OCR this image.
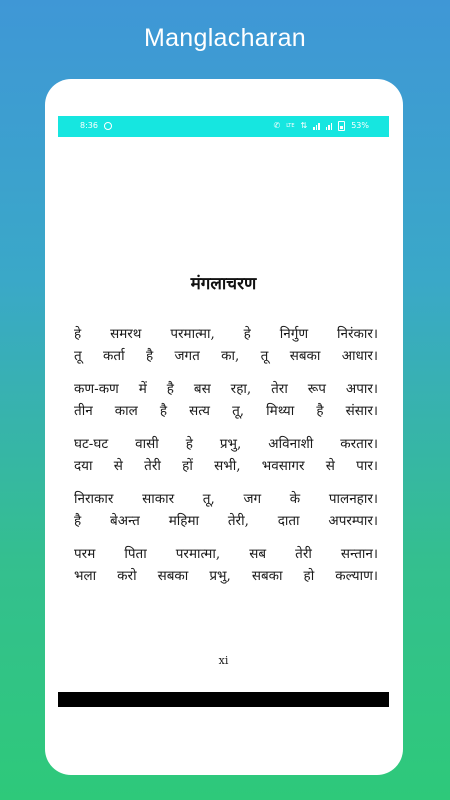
Manglacharan
8:36	✆ LTE ⇅	53%
मंगलाचरण
हे समरथ परमात्मा, हे निर्गुण निरंकार।
तू कर्ता है जगत का, तू सबका आधार।
कण-कण में है बस रहा, तेरा रूप अपार।
तीन काल है सत्य तू, मिथ्या है संसार।
घट-घट वासी हे प्रभु, अविनाशी करतार।
दया से तेरी हों सभी, भवसागर से पार।
निराकार साकार तू, जग के पालनहार।
है बेअन्त महिमा तेरी, दाता अपरम्पार।
परम पिता परमात्मा, सब तेरी सन्तान।
भला करो सबका प्रभु, सबका हो कल्याण।
xi
